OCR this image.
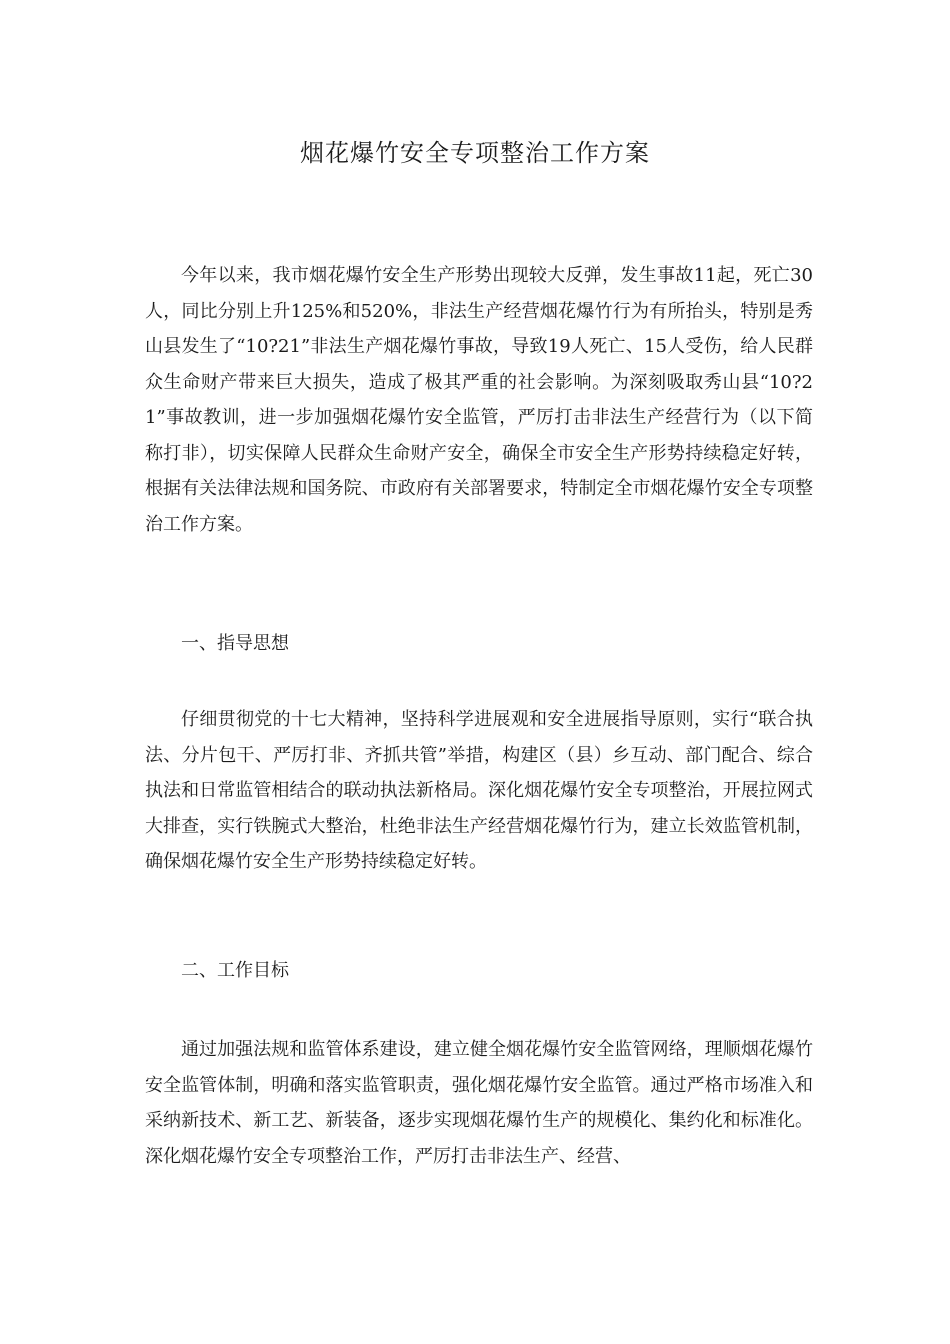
烟花爆竹安全专项整治工作方案

今年以来，我市烟花爆竹安全生产形势出现较大反弹，发生事故11起，死亡30人，同比分别上升125%和520%，非法生产经营烟花爆竹行为有所抬头，特别是秀山县发生了“10?21”非法生产烟花爆竹事故，导致19人死亡、15人受伤，给人民群众生命财产带来巨大损失，造成了极其严重的社会影响。为深刻吸取秀山县“10?21”事故教训，进一步加强烟花爆竹安全监管，严厉打击非法生产经营行为（以下简称打非），切实保障人民群众生命财产安全，确保全市安全生产形势持续稳定好转，根据有关法律法规和国务院、市政府有关部署要求，特制定全市烟花爆竹安全专项整治工作方案。

一、指导思想

仔细贯彻党的十七大精神，坚持科学进展观和安全进展指导原则，实行“联合执法、分片包干、严厉打非、齐抓共管”举措，构建区（县）乡互动、部门配合、综合执法和日常监管相结合的联动执法新格局。深化烟花爆竹安全专项整治，开展拉网式大排查，实行铁腕式大整治，杜绝非法生产经营烟花爆竹行为，建立长效监管机制，确保烟花爆竹安全生产形势持续稳定好转。

二、工作目标

通过加强法规和监管体系建设，建立健全烟花爆竹安全监管网络，理顺烟花爆竹安全监管体制，明确和落实监管职责，强化烟花爆竹安全监管。通过严格市场准入和采纳新技术、新工艺、新装备，逐步实现烟花爆竹生产的规模化、集约化和标准化。深化烟花爆竹安全专项整治工作，严厉打击非法生产、经营、
